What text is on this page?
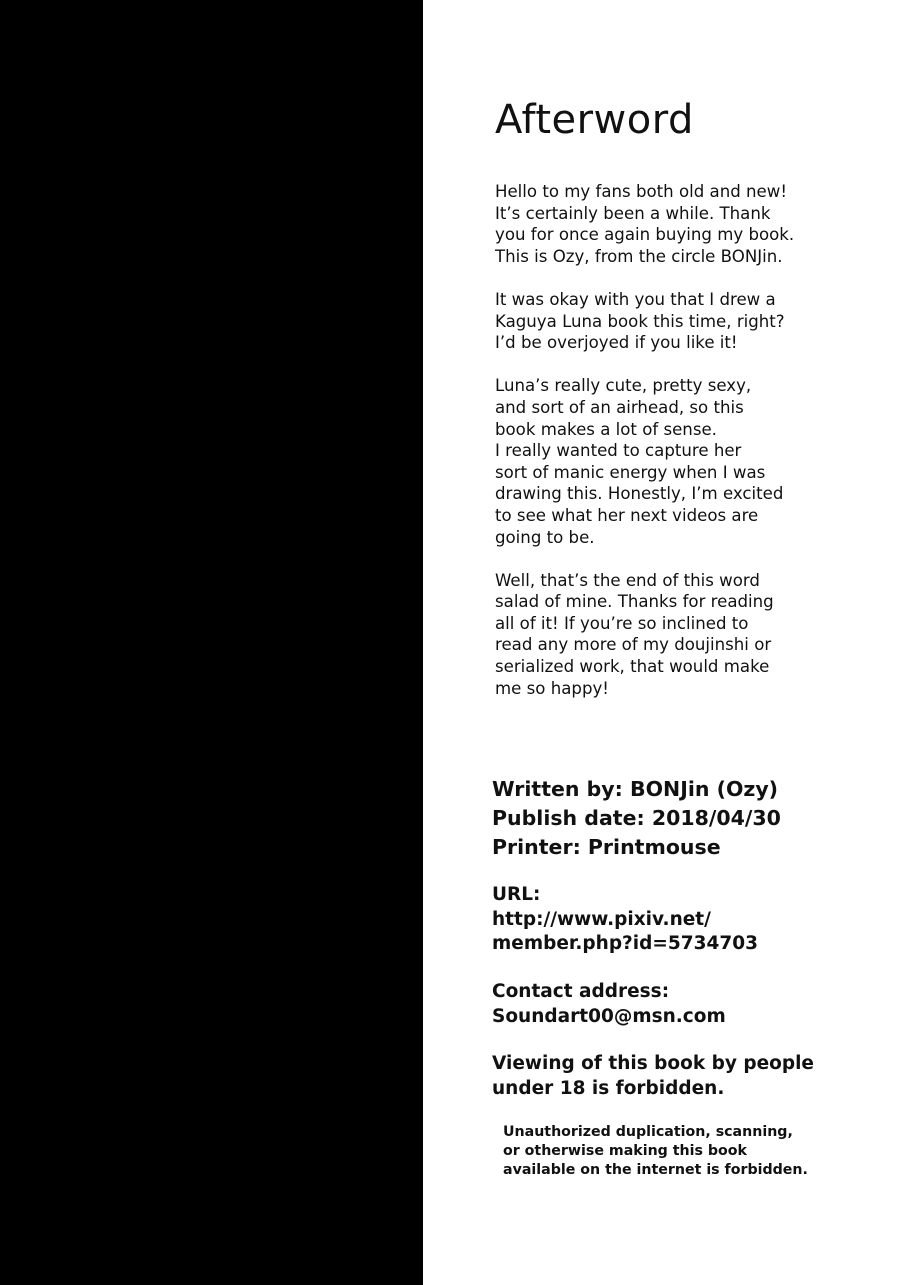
Afterword

Hello to my fans both old and new!
It’s certainly been a while. Thank
you for once again buying my book.
This is Ozy, from the circle BONJin.

It was okay with you that I drew a
Kaguya Luna book this time, right?
I’d be overjoyed if you like it!

Luna’s really cute, pretty sexy,
and sort of an airhead, so this
book makes a lot of sense.
I really wanted to capture her
sort of manic energy when I was
drawing this. Honestly, I’m excited
to see what her next videos are
going to be.

Well, that’s the end of this word
salad of mine. Thanks for reading
all of it! If you’re so inclined to
read any more of my doujinshi or
serialized work, that would make
me so happy!

Written by: BONJin (Ozy)
Publish date: 2018/04/30
Printer: Printmouse
URL:
http://www.pixiv.net/
member.php?id=5734703
Contact address:
Soundart00@msn.com
Viewing of this book by people
under 18 is forbidden.
Unauthorized duplication, scanning,
or otherwise making this book
available on the internet is forbidden.
